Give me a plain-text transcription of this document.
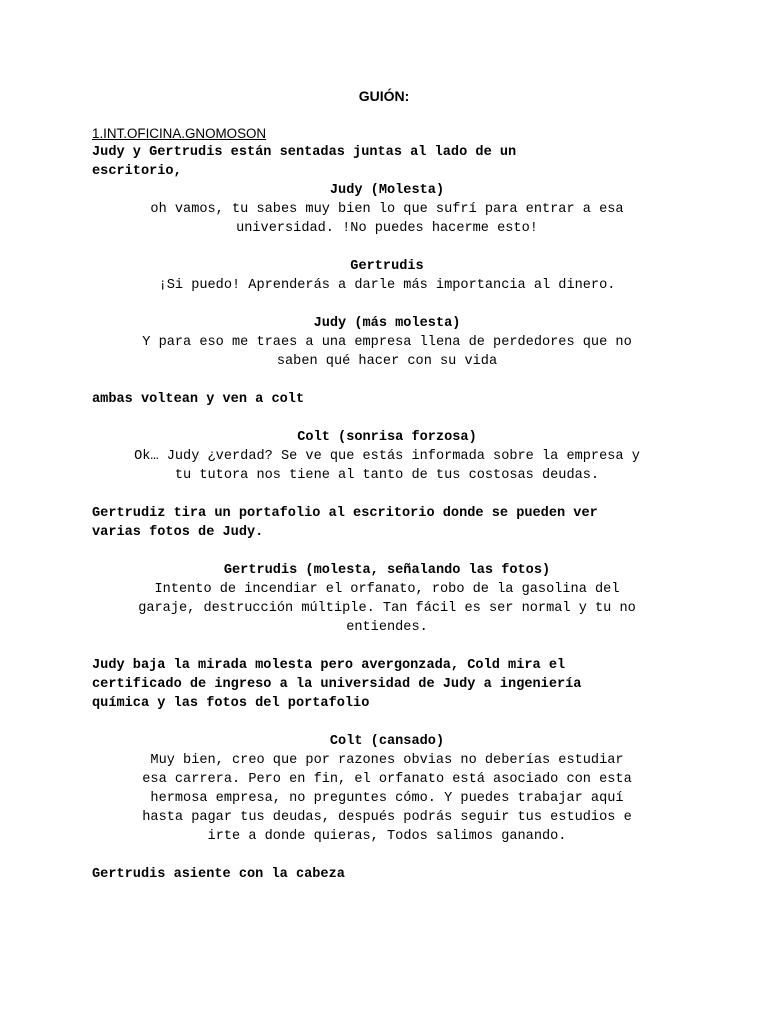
GUIÓN:
1.INT.OFICINA.GNOMOSON
Judy y Gertrudis están sentadas juntas al lado de un
escritorio,
Judy (Molesta)
oh vamos, tu sabes muy bien lo que sufrí para entrar a esa
universidad. !No puedes hacerme esto!
Gertrudis
¡Si puedo! Aprenderás a darle más importancia al dinero.
Judy (más molesta)
Y para eso me traes a una empresa llena de perdedores que no
saben qué hacer con su vida
ambas voltean y ven a colt
Colt (sonrisa forzosa)
Ok… Judy ¿verdad? Se ve que estás informada sobre la empresa y
tu tutora nos tiene al tanto de tus costosas deudas.
Gertrudiz tira un portafolio al escritorio donde se pueden ver
varias fotos de Judy.
Gertrudis (molesta, señalando las fotos)
Intento de incendiar el orfanato, robo de la gasolina del
garaje, destrucción múltiple. Tan fácil es ser normal y tu no
entiendes.
Judy baja la mirada molesta pero avergonzada, Cold mira el
certificado de ingreso a la universidad de Judy a ingeniería
química y las fotos del portafolio
Colt (cansado)
Muy bien, creo que por razones obvias no deberías estudiar
esa carrera. Pero en fin, el orfanato está asociado con esta
hermosa empresa, no preguntes cómo. Y puedes trabajar aquí
hasta pagar tus deudas, después podrás seguir tus estudios e
irte a donde quieras, Todos salimos ganando.
Gertrudis asiente con la cabeza
